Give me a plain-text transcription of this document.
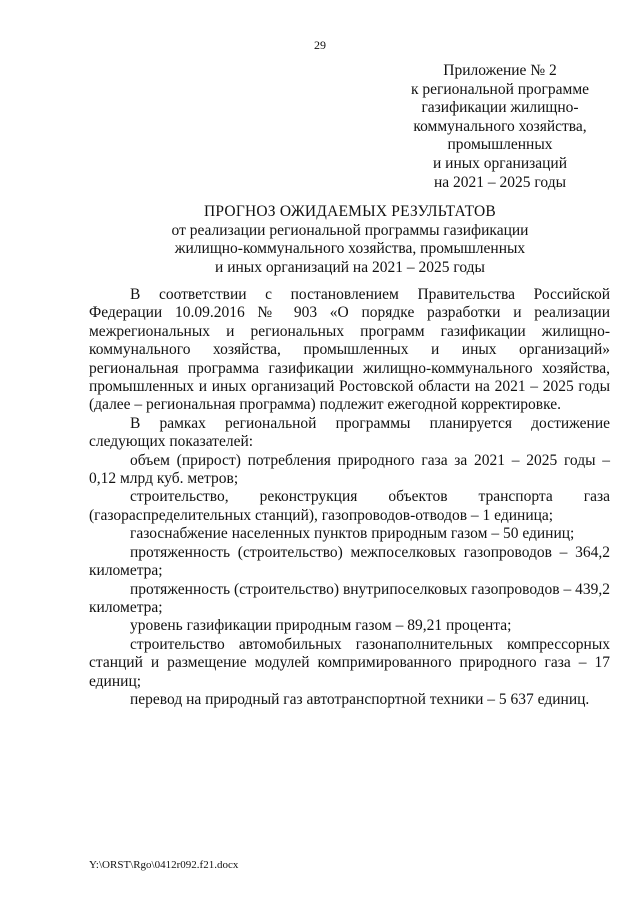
29
Приложение № 2
к региональной программе
газификации жилищно-
коммунального хозяйства,
промышленных
и иных организаций
на 2021 – 2025 годы
ПРОГНОЗ ОЖИДАЕМЫХ РЕЗУЛЬТАТОВ
от реализации региональной программы газификации
жилищно-коммунального хозяйства, промышленных
и иных организаций на 2021 – 2025 годы

В соответствии с постановлением Правительства Российской Федерации 10.09.2016 № 903 «О порядке разработки и реализации межрегиональных и региональных программ газификации жилищно-коммунального хозяйства, промышленных и иных организаций» региональная программа газификации жилищно-коммунального хозяйства, промышленных и иных организаций Ростовской области на 2021 – 2025 годы (далее – региональная программа) подлежит ежегодной корректировке.

В рамках региональной программы планируется достижение следующих показателей:

объем (прирост) потребления природного газа за 2021 – 2025 годы – 0,12 млрд куб. метров;

строительство, реконструкция объектов транспорта газа (газораспределительных станций), газопроводов-отводов – 1 единица;

газоснабжение населенных пунктов природным газом – 50 единиц;

протяженность (строительство) межпоселковых газопроводов – 364,2 километра;

протяженность (строительство) внутрипоселковых газопроводов – 439,2 километра;

уровень газификации природным газом – 89,21 процента;

строительство автомобильных газонаполнительных компрессорных станций и размещение модулей компримированного природного газа – 17 единиц;

перевод на природный газ автотранспортной техники – 5 637 единиц.

Y:\ORST\Rgo\0412r092.f21.docx
